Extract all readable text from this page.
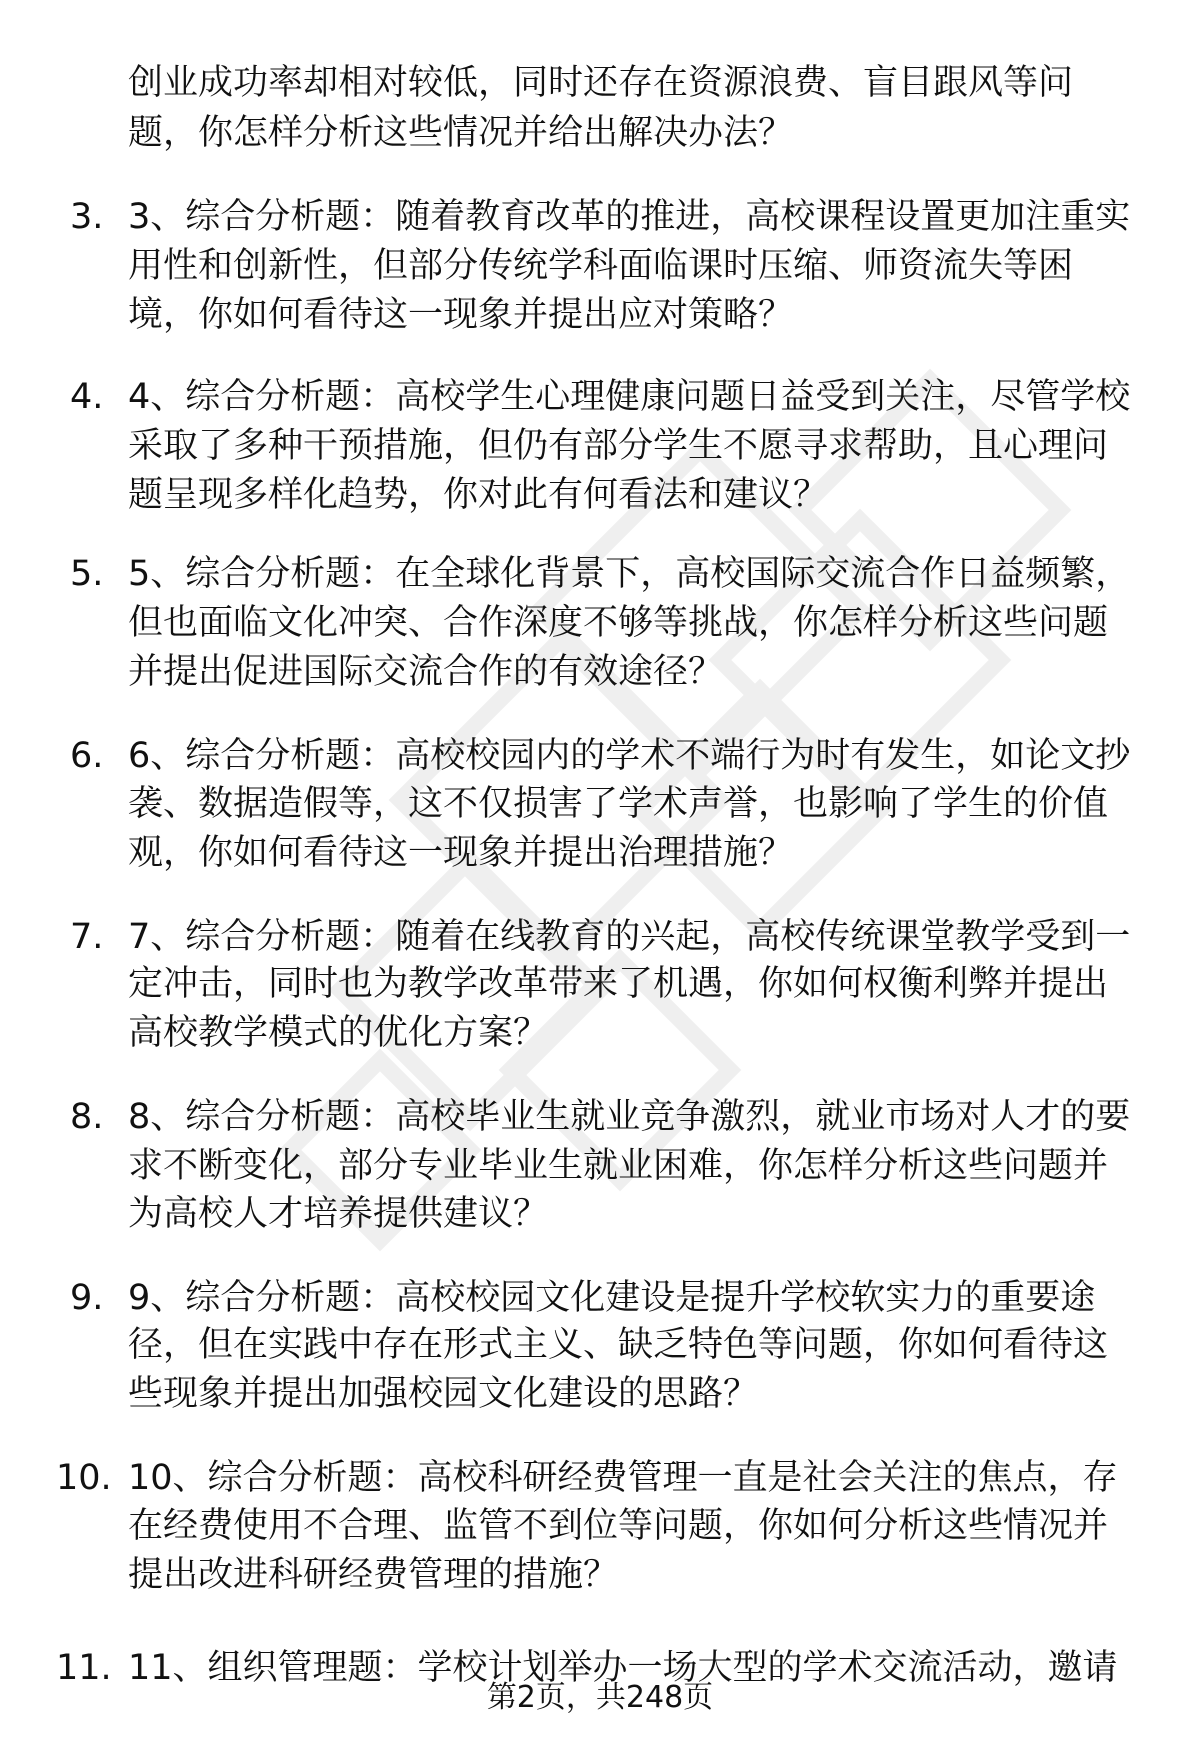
创业成功率却相对较低，同时还存在资源浪费、盲目跟风等问
题，你怎样分析这些情况并给出解决办法？
3. 3、综合分析题：随着教育改革的推进，高校课程设置更加注重实
用性和创新性，但部分传统学科面临课时压缩、师资流失等困
境，你如何看待这一现象并提出应对策略？
4. 4、综合分析题：高校学生心理健康问题日益受到关注，尽管学校
采取了多种干预措施，但仍有部分学生不愿寻求帮助，且心理问
题呈现多样化趋势，你对此有何看法和建议？
5. 5、综合分析题：在全球化背景下，高校国际交流合作日益频繁，
但也面临文化冲突、合作深度不够等挑战，你怎样分析这些问题
并提出促进国际交流合作的有效途径？
6. 6、综合分析题：高校校园内的学术不端行为时有发生，如论文抄
袭、数据造假等，这不仅损害了学术声誉，也影响了学生的价值
观，你如何看待这一现象并提出治理措施？
7. 7、综合分析题：随着在线教育的兴起，高校传统课堂教学受到一
定冲击，同时也为教学改革带来了机遇，你如何权衡利弊并提出
高校教学模式的优化方案？
8. 8、综合分析题：高校毕业生就业竞争激烈，就业市场对人才的要
求不断变化，部分专业毕业生就业困难，你怎样分析这些问题并
为高校人才培养提供建议？
9. 9、综合分析题：高校校园文化建设是提升学校软实力的重要途
径，但在实践中存在形式主义、缺乏特色等问题，你如何看待这
些现象并提出加强校园文化建设的思路？
10. 10、综合分析题：高校科研经费管理一直是社会关注的焦点，存
在经费使用不合理、监管不到位等问题，你如何分析这些情况并
提出改进科研经费管理的措施？
11. 11、组织管理题：学校计划举办一场大型的学术交流活动，邀请
第2页，共248页
